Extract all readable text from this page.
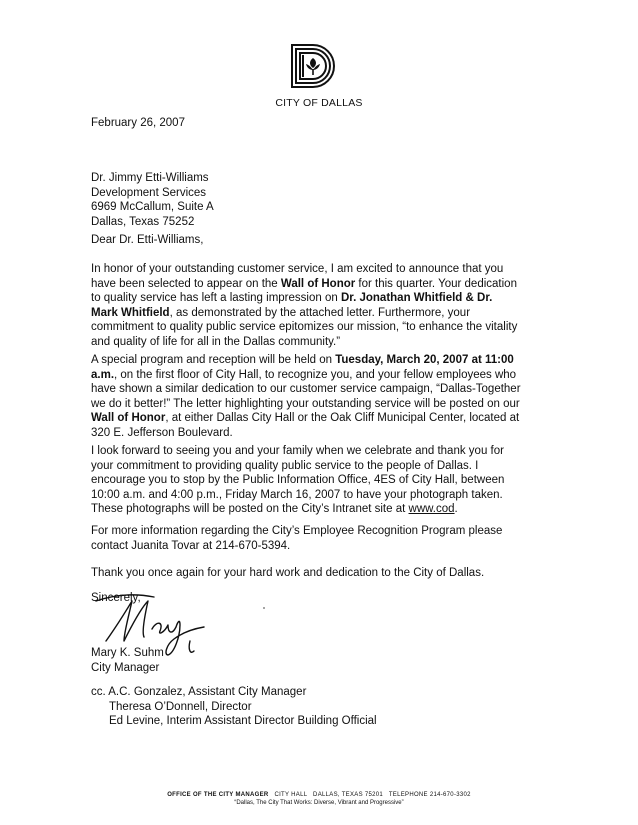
CITY OF DALLAS
February 26, 2007
Dr. Jimmy Etti-Williams
Development Services
6969 McCallum, Suite A
Dallas, Texas 75252
Dear Dr. Etti-Williams,
In honor of your outstanding customer service, I am excited to announce that you have been selected to appear on the Wall of Honor for this quarter. Your dedication to quality service has left a lasting impression on Dr. Jonathan Whitfield & Dr. Mark Whitfield, as demonstrated by the attached letter. Furthermore, your commitment to quality public service epitomizes our mission, “to enhance the vitality and quality of life for all in the Dallas community.”
A special program and reception will be held on Tuesday, March 20, 2007 at 11:00 a.m., on the first floor of City Hall, to recognize you, and your fellow employees who have shown a similar dedication to our customer service campaign, “Dallas-Together we do it better!” The letter highlighting your outstanding service will be posted on our Wall of Honor, at either Dallas City Hall or the Oak Cliff Municipal Center, located at 320 E. Jefferson Boulevard.
I look forward to seeing you and your family when we celebrate and thank you for your commitment to providing quality public service to the people of Dallas. I encourage you to stop by the Public Information Office, 4ES of City Hall, between 10:00 a.m. and 4:00 p.m., Friday March 16, 2007 to have your photograph taken. These photographs will be posted on the City’s Intranet site at www.cod.
For more information regarding the City’s Employee Recognition Program please contact Juanita Tovar at 214-670-5394.
Thank you once again for your hard work and dedication to the City of Dallas.
Sincerely,
Mary K. Suhm
City Manager
cc. A.C. Gonzalez, Assistant City Manager
Theresa O’Donnell, Director
Ed Levine, Interim Assistant Director Building Official
OFFICE OF THE CITY MANAGER   CITY HALL   DALLAS, TEXAS 75201   TELEPHONE 214-670-3302
“Dallas, The City That Works: Diverse, Vibrant and Progressive”
